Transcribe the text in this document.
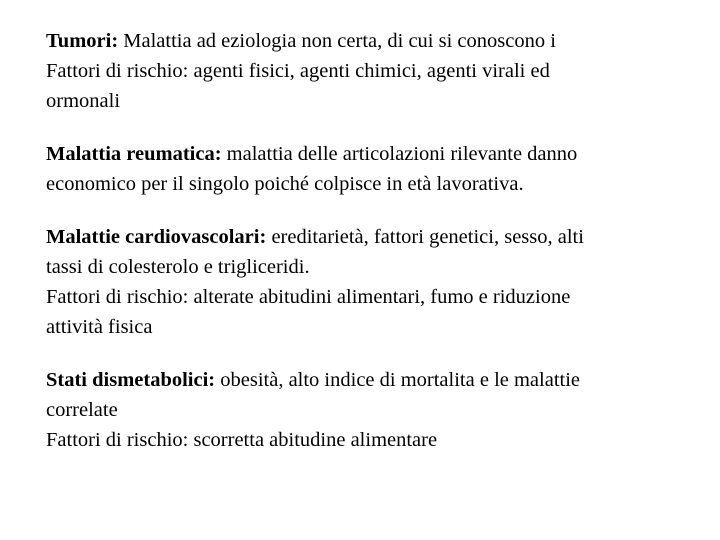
Tumori: Malattia ad eziologia non certa, di cui si conoscono i
Fattori di rischio: agenti fisici, agenti chimici, agenti virali ed
ormonali

Malattia reumatica: malattia delle articolazioni rilevante danno
economico per il singolo poiché colpisce in età lavorativa.

Malattie cardiovascolari: ereditarietà, fattori genetici, sesso, alti
tassi di colesterolo e trigliceridi.
Fattori di rischio: alterate abitudini alimentari, fumo e riduzione
attività fisica

Stati dismetabolici: obesità, alto indice di mortalita e le malattie
correlate
Fattori di rischio: scorretta abitudine alimentare
